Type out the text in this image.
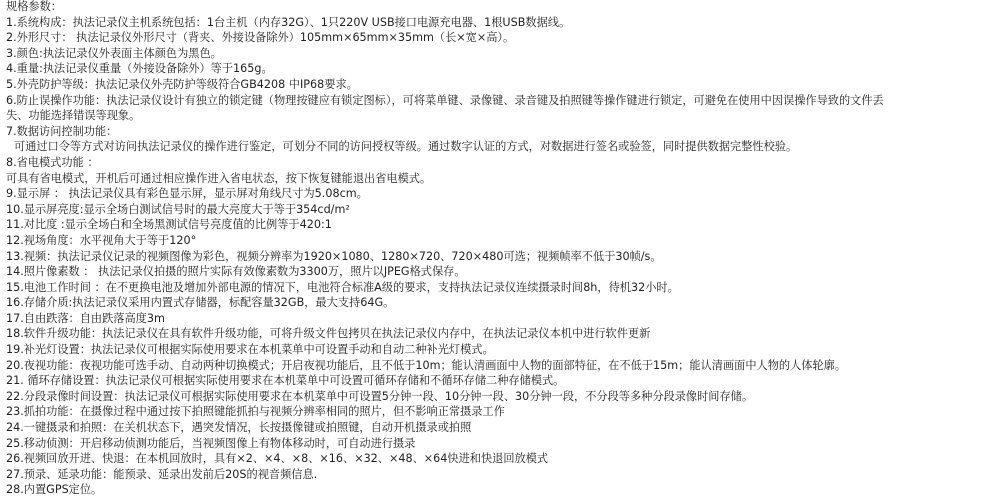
规格参数：
1.系统构成：执法记录仪主机系统包括：1台主机（内存32G）、1只220V USB接口电源充电器、1根USB数据线。
2.外形尺寸： 执法记录仪外形尺寸（背夹、外接设备除外）105mm×65mm×35mm（长×宽×高）。
3.颜色:执法记录仪外表面主体颜色为黑色。
4.重量:执法记录仪重量（外接设备除外）等于165g。
5.外壳防护等级：执法记录仪外壳防护等级符合GB4208 中IP68要求。
6.防止误操作功能：执法记录仪设计有独立的锁定键（物理按键应有锁定图标），可将菜单键、录像键、录音键及拍照键等操作键进行锁定，可避免在使用中因误操作导致的文件丢
失、功能选择错误等现象。
7.数据访问控制功能：
可通过口令等方式对访问执法记录仪的操作进行鉴定，可划分不同的访问授权等级。通过数字认证的方式，对数据进行签名或验签，同时提供数据完整性校验。
8.省电模式功能 ：
可具有省电模式，开机后可通过相应操作进入省电状态，按下恢复键能退出省电模式。
9.显示屏 ： 执法记录仪具有彩色显示屏，显示屏对角线尺寸为5.08cm。
10.显示屏亮度:显示全场白测试信号时的最大亮度大于等于354cd/m²
11.对比度 :显示全场白和全场黑测试信号亮度值的比例等于420:1
12.视场角度：水平视角大于等于120°
13.视频：执法记录仪记录的视频图像为彩色，视频分辨率为1920×1080、1280×720、720×480可选；视频帧率不低于30帧/s。
14.照片像素数 ： 执法记录仪拍摄的照片实际有效像素数为3300万，照片以JPEG格式保存。
15.电池工作时间 ：在不更换电池及增加外部电源的情况下，电池符合标准A级的要求，支持执法记录仪连续摄录时间8h，待机32小时。
16.存储介质:执法记录仪采用内置式存储器，标配容量32GB，最大支持64G。
17.自由跌落：自由跌落高度3m
18.软件升级功能：执法记录仪在具有软件升级功能，可将升级文件包拷贝在执法记录仪内存中，在执法记录仪本机中进行软件更新
19.补光灯设置：执法记录仪可根据实际使用要求在本机菜单中可设置手动和自动二种补光灯模式。
20.夜视功能：夜视功能可选手动、自动两种切换模式；开启夜视功能后，且不低于10m；能认清画面中人物的面部特征，在不低于15m；能认清画面中人物的人体轮廓。
21. 循环存储设置：执法记录仪可根据实际使用要求在本机菜单中可设置可循环存储和不循环存储二种存储模式。
22.分段录像时间设置：执法记录仪可根据实际使用要求在本机菜单中可设置5分钟一段、10分钟一段、30分钟一段，不分段等多种分段录像时间存储。
23.抓拍功能：在摄像过程中通过按下拍照键能抓拍与视频分辨率相同的照片，但不影响正常摄录工作
24.一键摄录和拍照：在关机状态下，遇突发情况，长按摄像键或拍照键，自动开机摄录或拍照
25.移动侦测：开启移动侦测功能后，当视频图像上有物体移动时，可自动进行摄录
26.视频回放开进、快退：在本机回放时，具有×2、×4、×8、×16、×32、×48、×64快进和快退回放模式
27.预录、延录功能：能预录、延录出发前后20S的视音频信息.
28.内置GPS定位。
